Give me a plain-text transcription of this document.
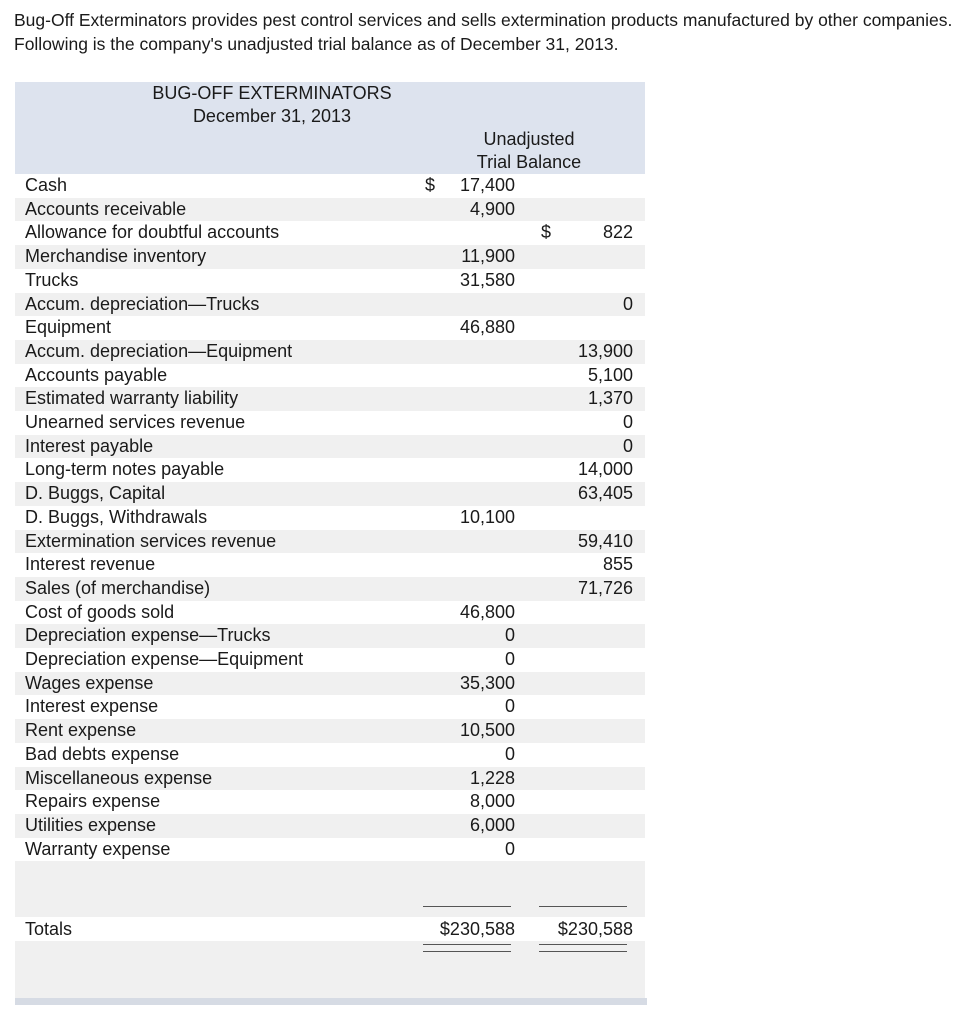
Bug-Off Exterminators provides pest control services and sells extermination products manufactured by other companies. Following is the company's unadjusted trial balance as of December 31, 2013.

BUG-OFF EXTERMINATORS
December 31, 2013		

	Unadjusted
Trial Balance	

Cash	$ 17,400	
Accounts receivable	4,900	
Allowance for doubtful accounts		$ 822
Merchandise inventory	11,900	
Trucks	31,580	
Accum. depreciation—Trucks		0
Equipment	46,880	
Accum. depreciation—Equipment		13,900
Accounts payable		5,100
Estimated warranty liability		1,370
Unearned services revenue		0
Interest payable		0
Long-term notes payable		14,000
D. Buggs, Capital		63,405
D. Buggs, Withdrawals	10,100	
Extermination services revenue		59,410
Interest revenue		855
Sales (of merchandise)		71,726
Cost of goods sold	46,800	
Depreciation expense—Trucks	0	
Depreciation expense—Equipment	0	
Wages expense	35,300	
Interest expense	0	
Rent expense	10,500	
Bad debts expense	0	
Miscellaneous expense	1,228	
Repairs expense	8,000	
Utilities expense	6,000	
Warranty expense	0	

Totals	$230,588	$230,588
